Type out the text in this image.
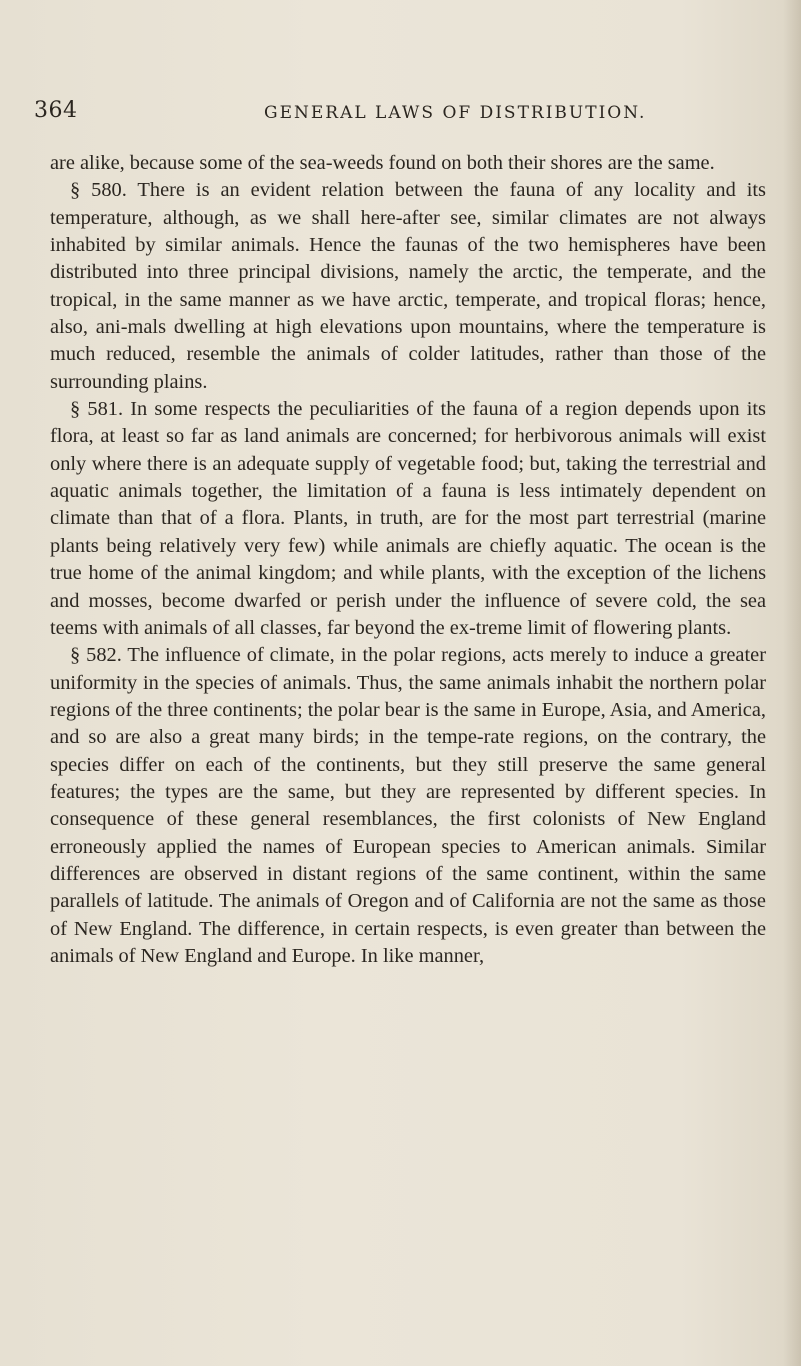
364	GENERAL LAWS OF DISTRIBUTION.

are alike, because some of the sea-weeds found on both their shores are the same.

§ 580. There is an evident relation between the fauna of any locality and its temperature, although, as we shall here-after see, similar climates are not always inhabited by similar animals. Hence the faunas of the two hemispheres have been distributed into three principal divisions, namely the arctic, the temperate, and the tropical, in the same manner as we have arctic, temperate, and tropical floras; hence, also, ani-mals dwelling at high elevations upon mountains, where the temperature is much reduced, resemble the animals of colder latitudes, rather than those of the surrounding plains.

§ 581. In some respects the peculiarities of the fauna of a region depends upon its flora, at least so far as land animals are concerned; for herbivorous animals will exist only where there is an adequate supply of vegetable food; but, taking the terrestrial and aquatic animals together, the limitation of a fauna is less intimately dependent on climate than that of a flora. Plants, in truth, are for the most part terrestrial (marine plants being relatively very few) while animals are chiefly aquatic. The ocean is the true home of the animal kingdom; and while plants, with the exception of the lichens and mosses, become dwarfed or perish under the influence of severe cold, the sea teems with animals of all classes, far beyond the ex-treme limit of flowering plants.

§ 582. The influence of climate, in the polar regions, acts merely to induce a greater uniformity in the species of animals. Thus, the same animals inhabit the northern polar regions of the three continents; the polar bear is the same in Europe, Asia, and America, and so are also a great many birds; in the tempe-rate regions, on the contrary, the species differ on each of the continents, but they still preserve the same general features; the types are the same, but they are represented by different species. In consequence of these general resemblances, the first colonists of New England erroneously applied the names of European species to American animals. Similar differences are observed in distant regions of the same continent, within the same parallels of latitude. The animals of Oregon and of California are not the same as those of New England. The difference, in certain respects, is even greater than between the animals of New England and Europe. In like manner,
